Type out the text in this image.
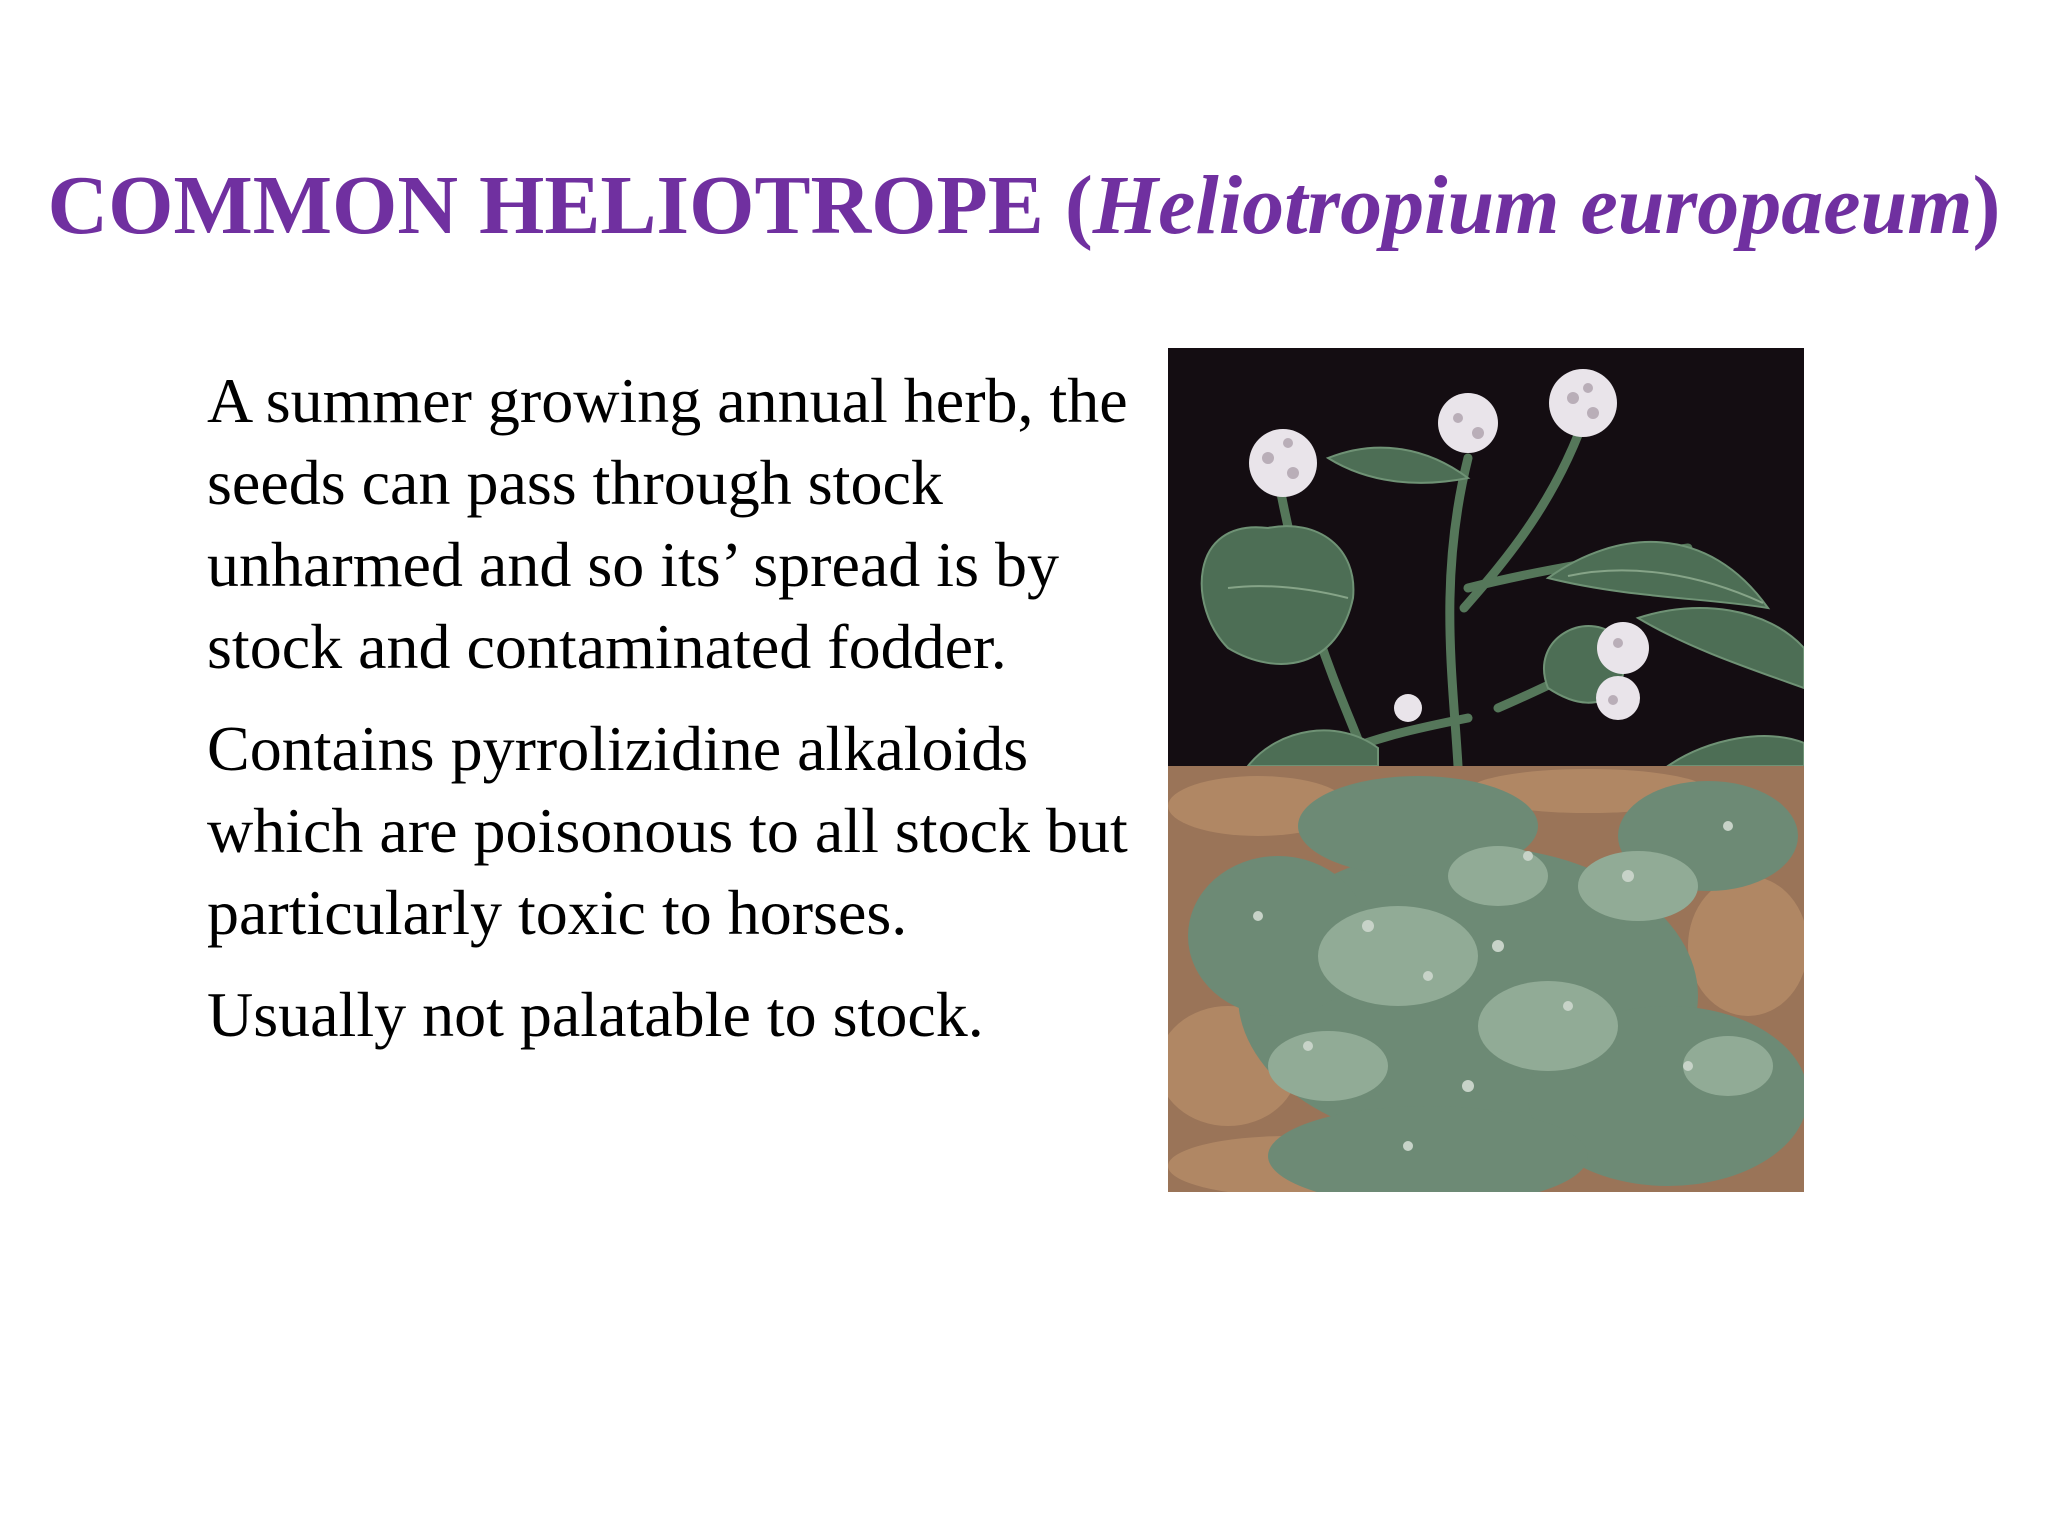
COMMON HELIOTROPE (Heliotropium europaeum)

A summer growing annual herb, the seeds can pass through stock unharmed and so its’ spread is by stock and contaminated fodder.

Contains pyrrolizidine alkaloids which are poisonous to all stock but particularly toxic to horses.

Usually not palatable to stock.
